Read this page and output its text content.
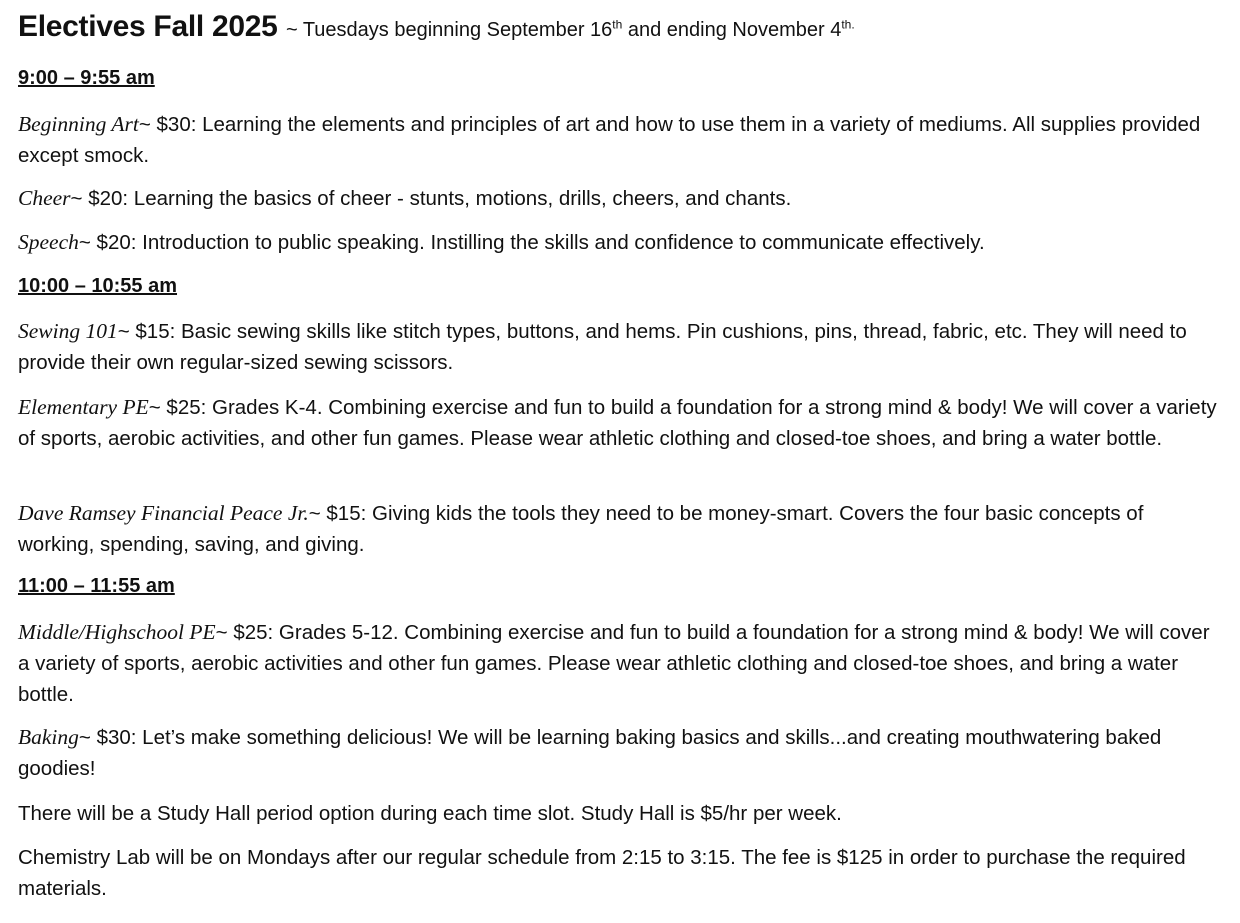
Electives Fall 2025 ~ Tuesdays beginning September 16th and ending November $4^{th.}$
9:00 – 9:55 am
Beginning Art~ $30: Learning the elements and principles of art and how to use them in a variety of mediums. All supplies provided except smock.
Cheer~ $20: Learning the basics of cheer - stunts, motions, drills, cheers, and chants.
Speech~ $20: Introduction to public speaking. Instilling the skills and confidence to communicate effectively.
10:00 – 10:55 am
Sewing 101~ $15: Basic sewing skills like stitch types, buttons, and hems. Pin cushions, pins, thread, fabric, etc. They will need to provide their own regular-sized sewing scissors.
Elementary PE~ $25: Grades K-4. Combining exercise and fun to build a foundation for a strong mind & body! We will cover a variety of sports, aerobic activities, and other fun games. Please wear athletic clothing and closed-toe shoes, and bring a water bottle.
Dave Ramsey Financial Peace Jr.~ $15: Giving kids the tools they need to be money-smart. Covers the four basic concepts of working, spending, saving, and giving.
11:00 – 11:55 am
Middle/Highschool PE~ $25: Grades 5-12. Combining exercise and fun to build a foundation for a strong mind & body! We will cover a variety of sports, aerobic activities and other fun games. Please wear athletic clothing and closed-toe shoes, and bring a water bottle.
Baking~ $30: Let’s make something delicious! We will be learning baking basics and skills...and creating mouthwatering baked goodies!
There will be a Study Hall period option during each time slot. Study Hall is $5/hr per week.
Chemistry Lab will be on Mondays after our regular schedule from 2:15 to 3:15. The fee is $125 in order to purchase the required materials.
